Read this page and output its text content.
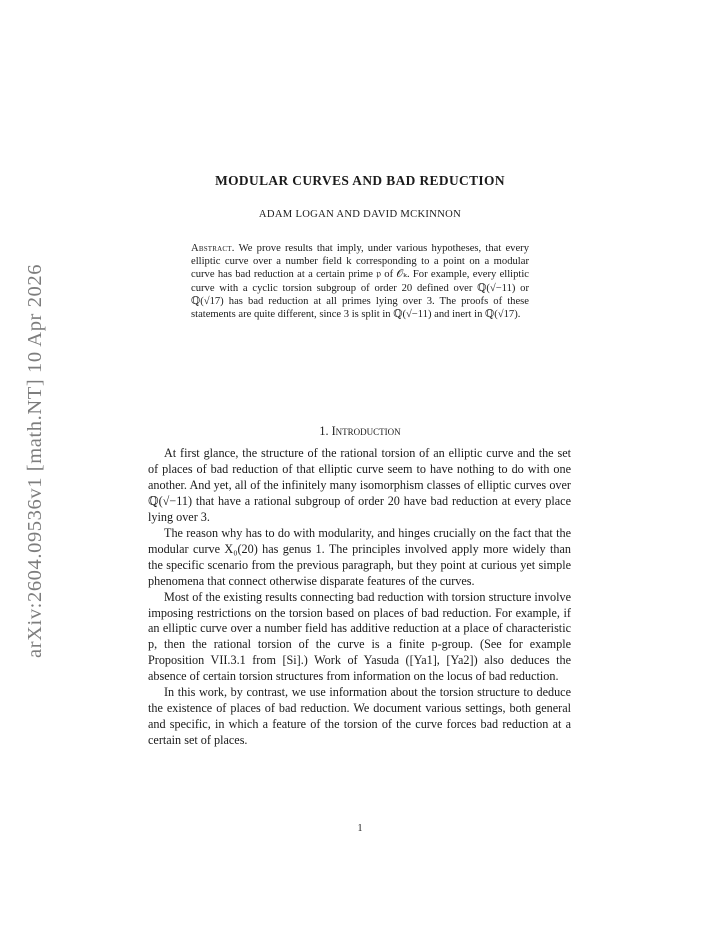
arXiv:2604.09536v1 [math.NT] 10 Apr 2026
MODULAR CURVES AND BAD REDUCTION
ADAM LOGAN AND DAVID MCKINNON
Abstract. We prove results that imply, under various hypotheses, that every elliptic curve over a number field k corresponding to a point on a modular curve has bad reduction at a certain prime 𝔭 of 𝒪ₖ. For example, every elliptic curve with a cyclic torsion subgroup of order 20 defined over ℚ(√−11) or ℚ(√17) has bad reduction at all primes lying over 3. The proofs of these statements are quite different, since 3 is split in ℚ(√−11) and inert in ℚ(√17).
1. Introduction

At first glance, the structure of the rational torsion of an elliptic curve and the set of places of bad reduction of that elliptic curve seem to have nothing to do with one another. And yet, all of the infinitely many isomorphism classes of elliptic curves over ℚ(√−11) that have a rational subgroup of order 20 have bad reduction at every place lying over 3.

The reason why has to do with modularity, and hinges crucially on the fact that the modular curve X₀(20) has genus 1. The principles involved apply more widely than the specific scenario from the previous paragraph, but they point at curious yet simple phenomena that connect otherwise disparate features of the curves.

Most of the existing results connecting bad reduction with torsion structure involve imposing restrictions on the torsion based on places of bad reduction. For example, if an elliptic curve over a number field has additive reduction at a place of characteristic p, then the rational torsion of the curve is a finite p-group. (See for example Proposition VII.3.1 from [Si].) Work of Yasuda ([Ya1], [Ya2]) also deduces the absence of certain torsion structures from information on the locus of bad reduction.

In this work, by contrast, we use information about the torsion structure to deduce the existence of places of bad reduction. We document various settings, both general and specific, in which a feature of the torsion of the curve forces bad reduction at a certain set of places.

1
